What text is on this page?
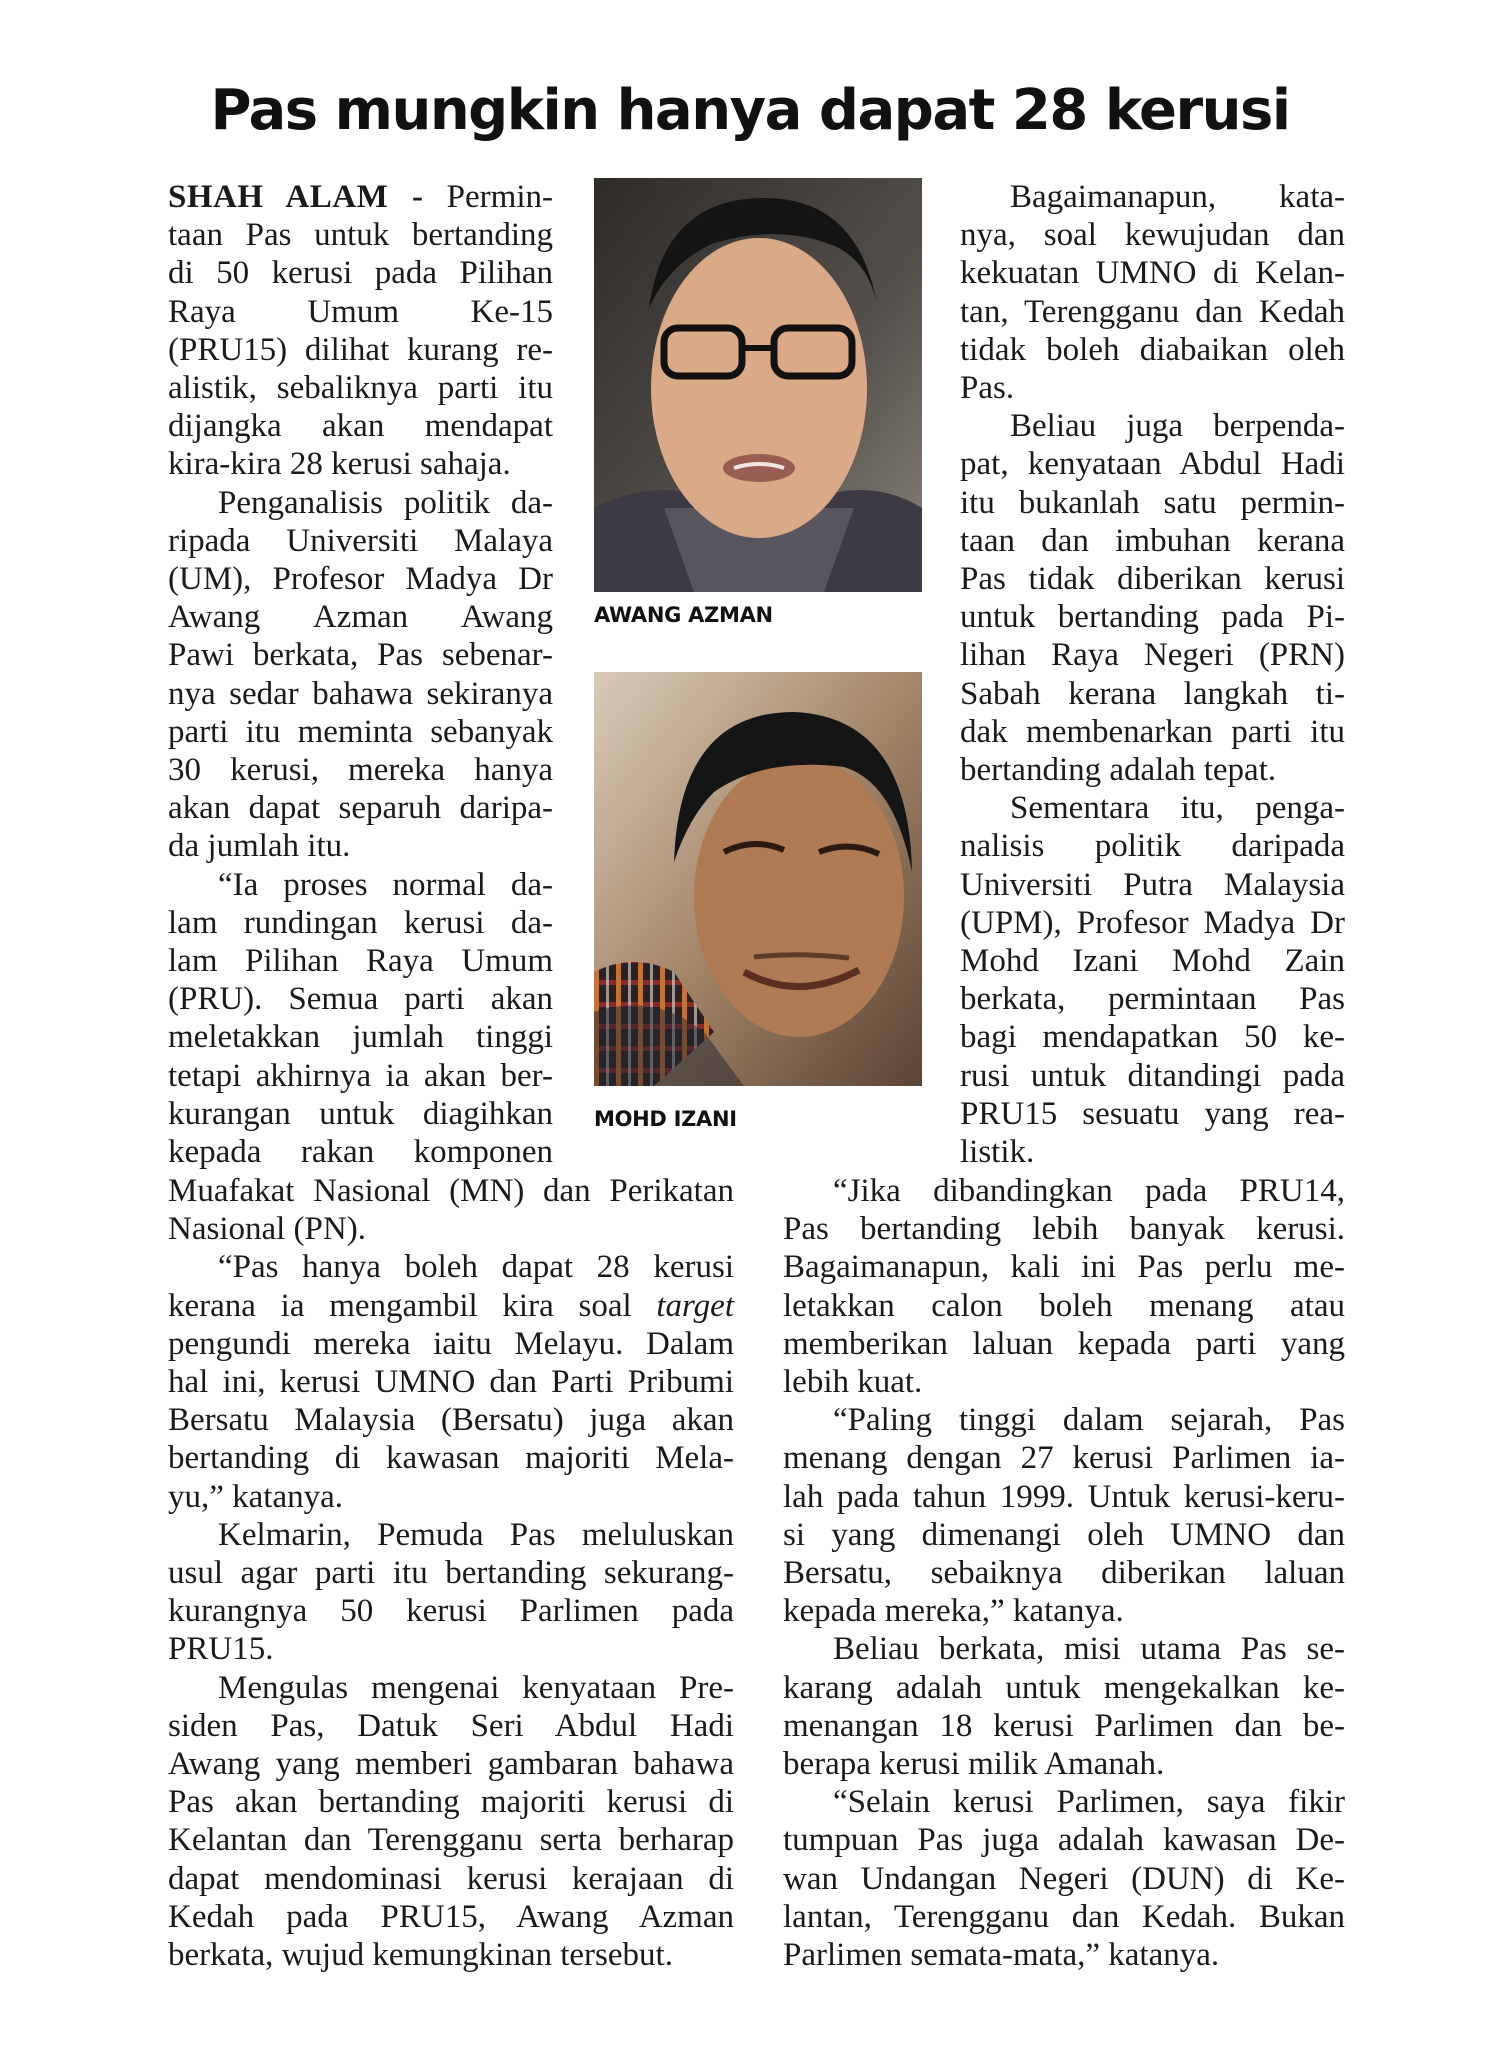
Pas mungkin hanya dapat 28 kerusi

SHAH ALAM - Permin-

taan Pas untuk bertanding

di 50 kerusi pada Pilihan

Raya Umum Ke-15

(PRU15) dilihat kurang re-

alistik, sebaliknya parti itu

dijangka akan mendapat

kira-kira 28 kerusi sahaja.

Penganalisis politik da-

ripada Universiti Malaya

(UM), Profesor Madya Dr

Awang Azman Awang

Pawi berkata, Pas sebenar-

nya sedar bahawa sekiranya

parti itu meminta sebanyak

30 kerusi, mereka hanya

akan dapat separuh daripa-

da jumlah itu.

“Ia proses normal da-

lam rundingan kerusi da-

lam Pilihan Raya Umum

(PRU). Semua parti akan

meletakkan jumlah tinggi

tetapi akhirnya ia akan ber-

kurangan untuk diagihkan

kepada rakan komponen

AWANG AZMAN

MOHD IZANI

Muafakat Nasional (MN) dan Perikatan

Nasional (PN).

“Pas hanya boleh dapat 28 kerusi

kerana ia mengambil kira soal target

pengundi mereka iaitu Melayu. Dalam

hal ini, kerusi UMNO dan Parti Pribumi

Bersatu Malaysia (Bersatu) juga akan

bertanding di kawasan majoriti Mela-

yu,” katanya.

Kelmarin, Pemuda Pas meluluskan

usul agar parti itu bertanding sekurang-

kurangnya 50 kerusi Parlimen pada

PRU15.

Mengulas mengenai kenyataan Pre-

siden Pas, Datuk Seri Abdul Hadi

Awang yang memberi gambaran bahawa

Pas akan bertanding majoriti kerusi di

Kelantan dan Terengganu serta berharap

dapat mendominasi kerusi kerajaan di

Kedah pada PRU15, Awang Azman

berkata, wujud kemungkinan tersebut.

Bagaimanapun, kata-

nya, soal kewujudan dan

kekuatan UMNO di Kelan-

tan, Terengganu dan Kedah

tidak boleh diabaikan oleh

Pas.

Beliau juga berpenda-

pat, kenyataan Abdul Hadi

itu bukanlah satu permin-

taan dan imbuhan kerana

Pas tidak diberikan kerusi

untuk bertanding pada Pi-

lihan Raya Negeri (PRN)

Sabah kerana langkah ti-

dak membenarkan parti itu

bertanding adalah tepat.

Sementara itu, penga-

nalisis politik daripada

Universiti Putra Malaysia

(UPM), Profesor Madya Dr

Mohd Izani Mohd Zain

berkata, permintaan Pas

bagi mendapatkan 50 ke-

rusi untuk ditandingi pada

PRU15 sesuatu yang rea-

listik.

“Jika dibandingkan pada PRU14,

Pas bertanding lebih banyak kerusi.

Bagaimanapun, kali ini Pas perlu me-

letakkan calon boleh menang atau

memberikan laluan kepada parti yang

lebih kuat.

“Paling tinggi dalam sejarah, Pas

menang dengan 27 kerusi Parlimen ia-

lah pada tahun 1999. Untuk kerusi-keru-

si yang dimenangi oleh UMNO dan

Bersatu, sebaiknya diberikan laluan

kepada mereka,” katanya.

Beliau berkata, misi utama Pas se-

karang adalah untuk mengekalkan ke-

menangan 18 kerusi Parlimen dan be-

berapa kerusi milik Amanah.

“Selain kerusi Parlimen, saya fikir

tumpuan Pas juga adalah kawasan De-

wan Undangan Negeri (DUN) di Ke-

lantan, Terengganu dan Kedah. Bukan

Parlimen semata-mata,” katanya.
